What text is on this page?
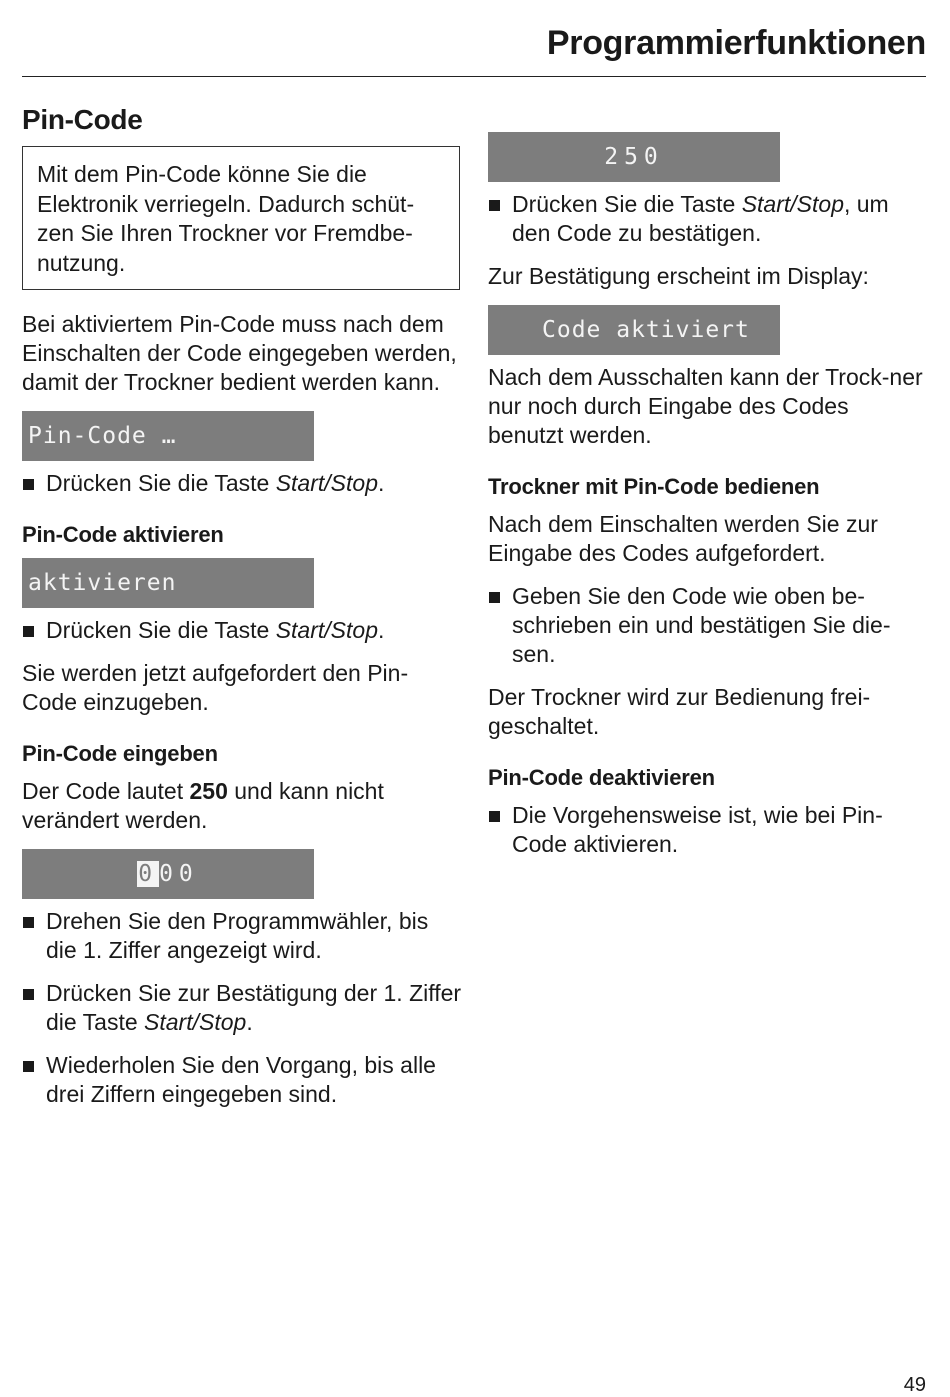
Programmierfunktionen
Pin-Code
Mit dem Pin-Code könne Sie die Elektronik verriegeln. Dadurch schüt-zen Sie Ihren Trockner vor Fremdbe-nutzung.

Bei aktiviertem Pin-Code muss nach dem Einschalten der Code eingegeben werden, damit der Trockner bedient werden kann.

Pin-Code …
Drücken Sie die Taste Start/Stop.
Pin-Code aktivieren
aktivieren
Drücken Sie die Taste Start/Stop.

Sie werden jetzt aufgefordert den Pin-Code einzugeben.

Pin-Code eingeben

Der Code lautet 250 und kann nicht verändert werden.

0 00
Drehen Sie den Programmwähler, bis die 1. Ziffer angezeigt wird.
Drücken Sie zur Bestätigung der 1. Ziffer die Taste Start/Stop.
Wiederholen Sie den Vorgang, bis alle drei Ziffern eingegeben sind.
250
Drücken Sie die Taste Start/Stop, um den Code zu bestätigen.

Zur Bestätigung erscheint im Display:

Code aktiviert

Nach dem Ausschalten kann der Trock-ner nur noch durch Eingabe des Codes benutzt werden.

Trockner mit Pin-Code bedienen

Nach dem Einschalten werden Sie zur Eingabe des Codes aufgefordert.

Geben Sie den Code wie oben be-schrieben ein und bestätigen Sie die-sen.

Der Trockner wird zur Bedienung frei-geschaltet.

Pin-Code deaktivieren
Die Vorgehensweise ist, wie bei Pin-Code aktivieren.
49
